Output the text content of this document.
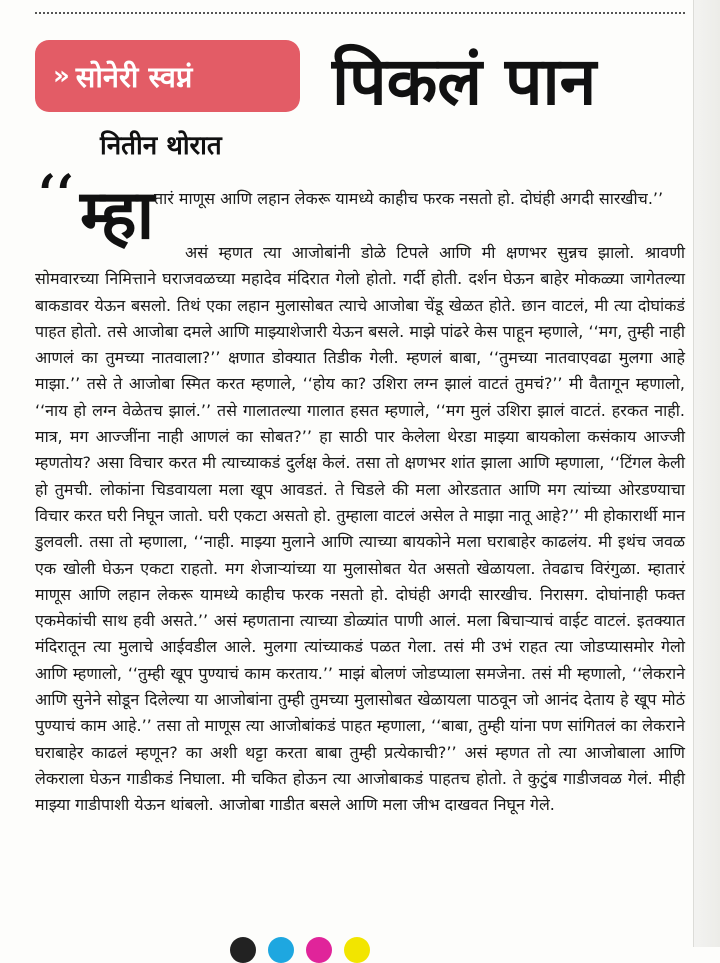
» सोनेरी स्वप्नं पिकलं पान
नितीन थोरात
‘‘ म्हा तारं माणूस आणि लहान लेकरू यामध्ये काहीच फरक नसतो हो. दोघंही अगदी सारखीच.’’
असं म्हणत त्या आजोबांनी डोळे टिपले आणि मी क्षणभर सुन्नच झालो. श्रावणी सोमवारच्या निमित्ताने घराजवळच्या महादेव मंदिरात गेलो होतो. गर्दी होती. दर्शन घेऊन बाहेर मोकळ्या जागेतल्या बाकडावर येऊन बसलो. तिथं एका लहान मुलासोबत त्याचे आजोबा चेंडू खेळत होते. छान वाटलं, मी त्या दोघांकडं पाहत होतो. तसे आजोबा दमले आणि माझ्याशेजारी येऊन बसले. माझे पांढरे केस पाहून म्हणाले, ‘‘मग, तुम्ही नाही आणलं का तुमच्या नातवाला?’’ क्षणात डोक्यात तिडीक गेली. म्हणलं बाबा, ‘‘तुमच्या नातवाएवढा मुलगा आहे माझा.’’ तसे ते आजोबा स्मित करत म्हणाले, ‘‘होय का? उशिरा लग्न झालं वाटतं तुमचं?’’ मी वैतागून म्हणालो, ‘‘नाय हो लग्न वेळेतच झालं.’’ तसे गालातल्या गालात हसत म्हणाले, ‘‘मग मुलं उशिरा झालं वाटतं. हरकत नाही. मात्र, मग आज्जींना नाही आणलं का सोबत?’’ हा साठी पार केलेला थेरडा माझ्या बायकोला कसंकाय आज्जी म्हणतोय? असा विचार करत मी त्याच्याकडं दुर्लक्ष केलं. तसा तो क्षणभर शांत झाला आणि म्हणाला, ‘‘टिंगल केली हो तुमची. लोकांना चिडवायला मला खूप आवडतं. ते चिडले की मला ओरडतात आणि मग त्यांच्या ओरडण्याचा विचार करत घरी निघून जातो. घरी एकटा असतो हो. तुम्हाला वाटलं असेल ते माझा नातू आहे?’’ मी होकारार्थी मान डुलवली. तसा तो म्हणाला, ‘‘नाही. माझ्या मुलाने आणि त्याच्या बायकोने मला घराबाहेर काढलंय. मी इथंच जवळ एक खोली घेऊन एकटा राहतो. मग शेजाऱ्यांच्या या मुलासोबत येत असतो खेळायला. तेवढाच विरंगुळा. म्हातारं माणूस आणि लहान लेकरू यामध्ये काहीच फरक नसतो हो. दोघंही अगदी सारखीच. निरासग. दोघांनाही फक्त एकमेकांची साथ हवी असते.’’ असं म्हणताना त्याच्या डोळ्यांत पाणी आलं. मला बिचाऱ्याचं वाईट वाटलं. इतक्यात मंदिरातून त्या मुलाचे आईवडील आले. मुलगा त्यांच्याकडं पळत गेला. तसं मी उभं राहत त्या जोडप्यासमोर गेलो आणि म्हणालो, ‘‘तुम्ही खूप पुण्याचं काम करताय.’’ माझं बोलणं जोडप्याला समजेना. तसं मी म्हणालो, ‘‘लेकराने आणि सुनेने सोडून दिलेल्या या आजोबांना तुम्ही तुमच्या मुलासोबत खेळायला पाठवून जो आनंद देताय हे खूप मोठं पुण्याचं काम आहे.’’ तसा तो माणूस त्या आजोबांकडं पाहत म्हणाला, ‘‘बाबा, तुम्ही यांना पण सांगितलं का लेकराने घराबाहेर काढलं म्हणून? का अशी थट्टा करता बाबा तुम्ही प्रत्येकाची?’’ असं म्हणत तो त्या आजोबाला आणि लेकराला घेऊन गाडीकडं निघाला. मी चकित होऊन त्या आजोबाकडं पाहतच होतो. ते कुटुंब गाडीजवळ गेलं. मीही माझ्या गाडीपाशी येऊन थांबलो. आजोबा गाडीत बसले आणि मला जीभ दाखवत निघून गेले.
